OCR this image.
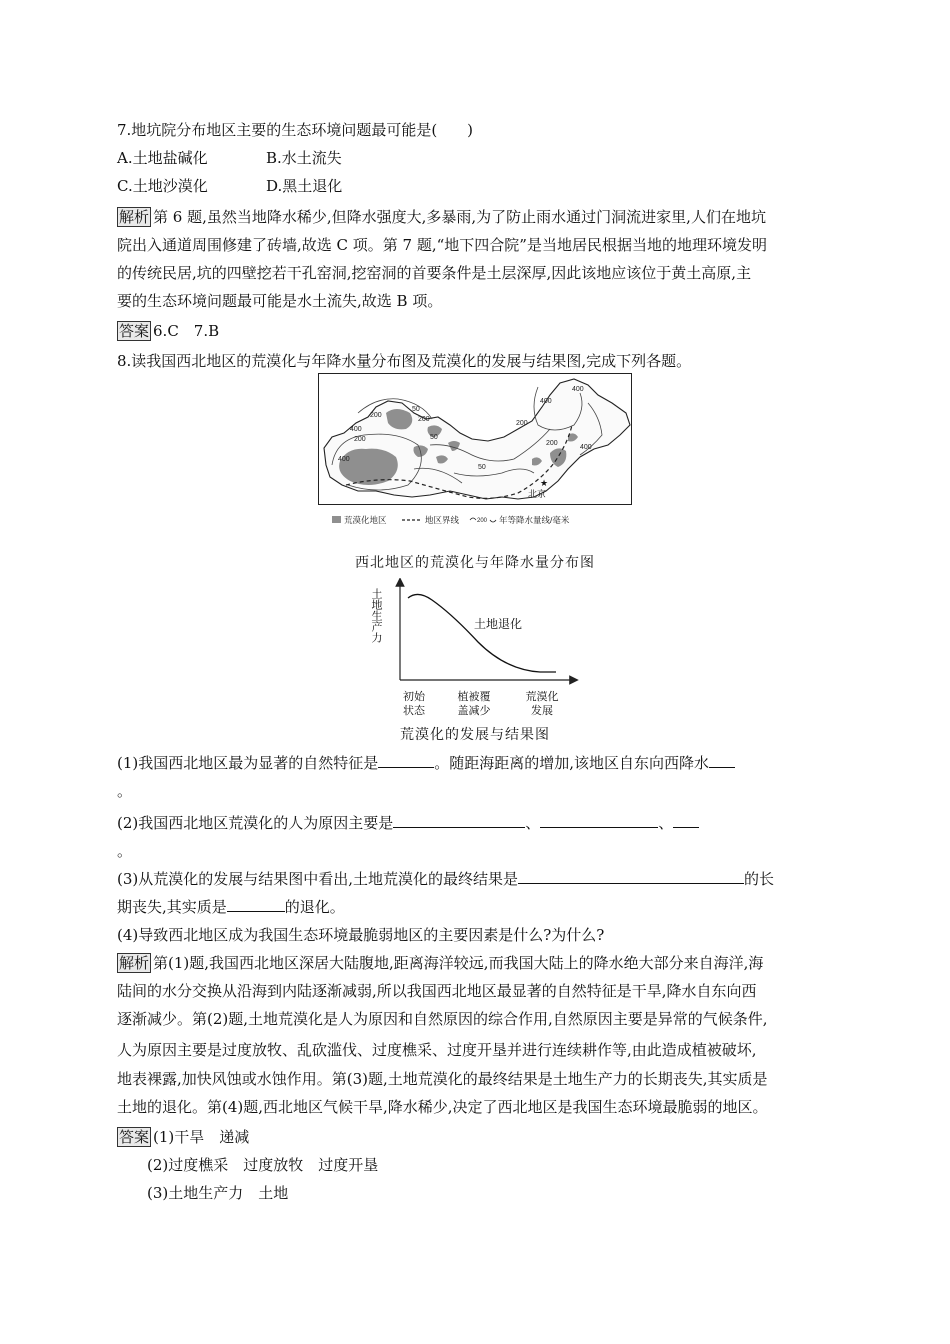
7.地坑院分布地区主要的生态环境问题最可能是(　　)
A.土地盐碱化	B.水土流失
C.土地沙漠化	D.黑土退化
解析 第 6 题,虽然当地降水稀少,但降水强度大,多暴雨,为了防止雨水通过门洞流进家里,人们在地坑
院出入通道周围修建了砖墙,故选 C 项。第 7 题,“地下四合院”是当地居民根据当地的地理环境发明
的传统民居,坑的四壁挖若干孔窑洞,挖窑洞的首要条件是土层深厚,因此该地应该位于黄土高原,主
要的生态环境问题最可能是水土流失,故选 B 项。
答案 6.C　7.B
8.读我国西北地区的荒漠化与年降水量分布图及荒漠化的发展与结果图,完成下列各题。
400
200
400
200
50
200
50
50
400
200
400
400
200
★
北京
荒漠化地区	地区界线	200 年等降水量线/毫米
西北地区的荒漠化与年降水量分布图
土地生产力	土地退化
初始
状态
植被覆
盖减少
荒漠化
发展
荒漠化的发展与结果图
(1)我国西北地区最为显著的自然特征是	。随距海距离的增加,该地区自东向西降水
。
(2)我国西北地区荒漠化的人为原因主要是	、	、
。
(3)从荒漠化的发展与结果图中看出,土地荒漠化的最终结果是	的长
期丧失,其实质是	的退化。
(4)导致西北地区成为我国生态环境最脆弱地区的主要因素是什么?为什么?
解析 第(1)题,我国西北地区深居大陆腹地,距离海洋较远,而我国大陆上的降水绝大部分来自海洋,海
陆间的水分交换从沿海到内陆逐渐减弱,所以我国西北地区最显著的自然特征是干旱,降水自东向西
逐渐减少。第(2)题,土地荒漠化是人为原因和自然原因的综合作用,自然原因主要是异常的气候条件,
人为原因主要是过度放牧、乱砍滥伐、过度樵采、过度开垦并进行连续耕作等,由此造成植被破坏,
地表裸露,加快风蚀或水蚀作用。第(3)题,土地荒漠化的最终结果是土地生产力的长期丧失,其实质是
土地的退化。第(4)题,西北地区气候干旱,降水稀少,决定了西北地区是我国生态环境最脆弱的地区。
答案 (1)干旱　递减
(2)过度樵采　过度放牧　过度开垦
(3)土地生产力　土地
